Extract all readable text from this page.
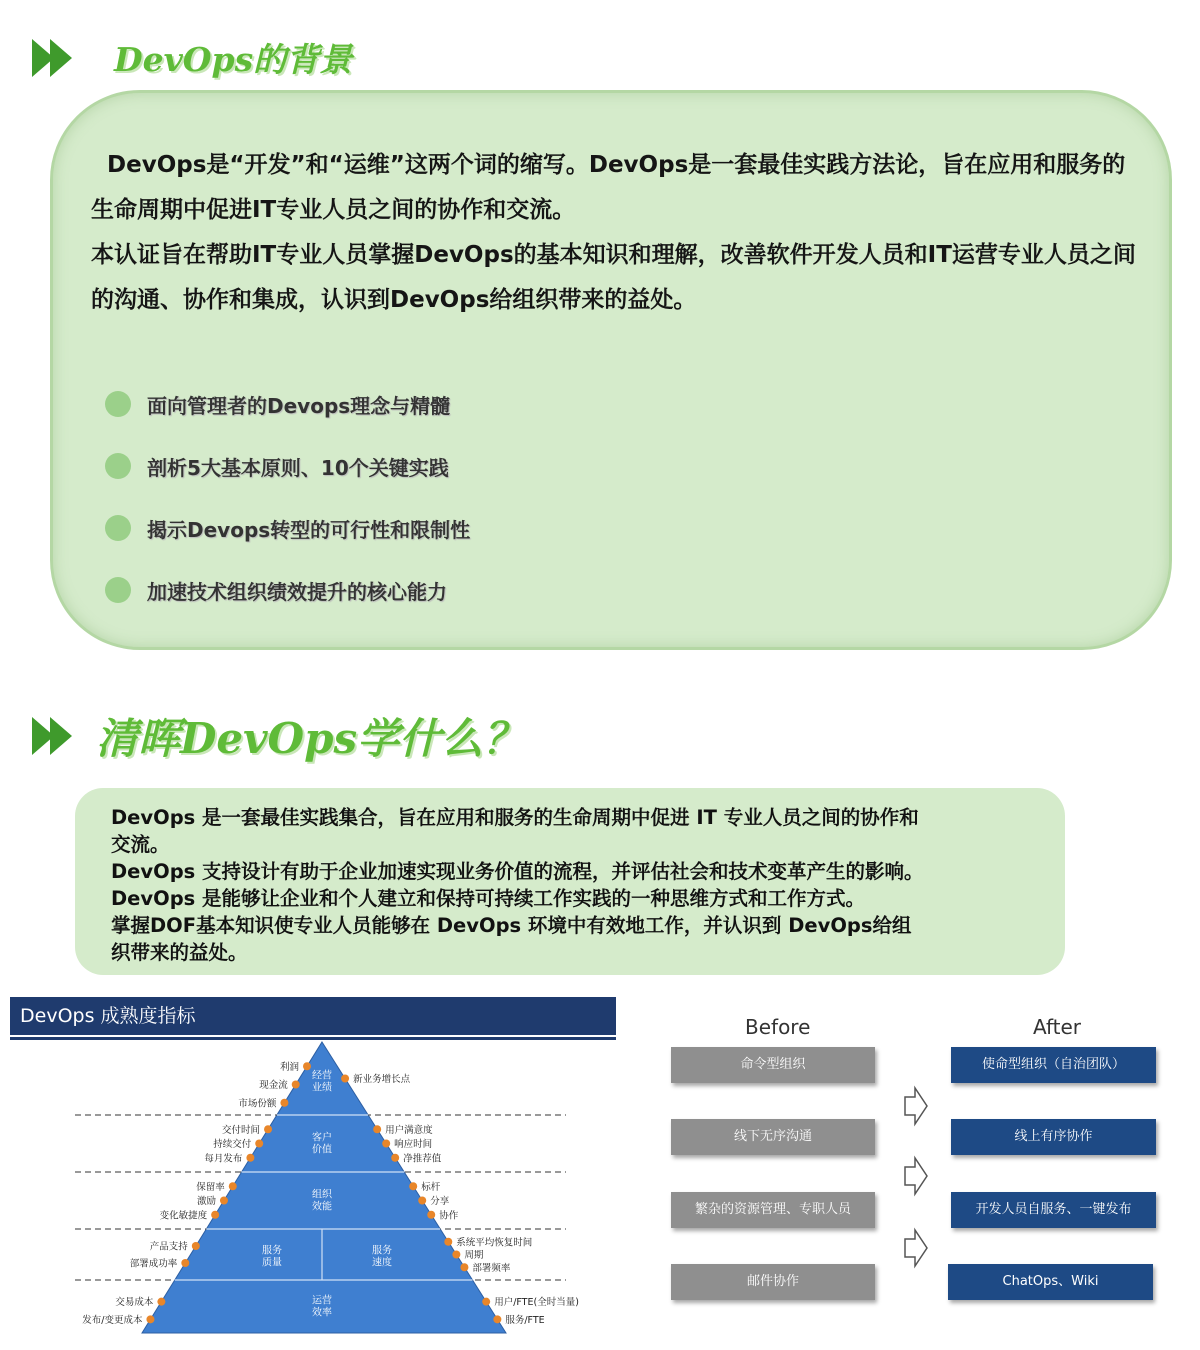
DevOps的背景

DevOps是“开发”和“运维”这两个词的缩写。DevOps是一套最佳实践方法论，旨在应用和服务的生命周期中促进IT专业人员之间的协作和交流。

本认证旨在帮助IT专业人员掌握DevOps的基本知识和理解，改善软件开发人员和IT运营专业人员之间的沟通、协作和集成，认识到DevOps给组织带来的益处。

面向管理者的Devops理念与精髓
剖析5大基本原则、10个关键实践
揭示Devops转型的可行性和限制性
加速技术组织绩效提升的核心能力
清晖DevOps学什么？
DevOps 是一套最佳实践集合，旨在应用和服务的生命周期中促进 IT 专业人员之间的协作和
交流。
DevOps 支持设计有助于企业加速实现业务价值的流程，并评估社会和技术变革产生的影响。
DevOps 是能够让企业和个人建立和保持可持续工作实践的一种思维方式和工作方式。
掌握DOF基本知识使专业人员能够在 DevOps 环境中有效地工作，并认识到 DevOps给组
织带来的益处。
DevOps 成熟度指标
经营
业绩
利润
现金流
市场份额
新业务增长点
客户
价值
交付时间
持续交付
每月发布
用户满意度
响应时间
净推荐值
组织
效能
保留率
激励
变化敏捷度
标杆
分享
协作
服务
质量
服务
速度
产品支持
部署成功率
系统平均恢复时间
周期
部署频率
运营
效率
交易成本
发布/变更成本
用户/FTE(全时当量)
服务/FTE
Before	After
命令型组织
线下无序沟通
繁杂的资源管理、专职人员
邮件协作
使命型组织（自治团队）
线上有序协作
开发人员自服务、一键发布
ChatOps、Wiki
